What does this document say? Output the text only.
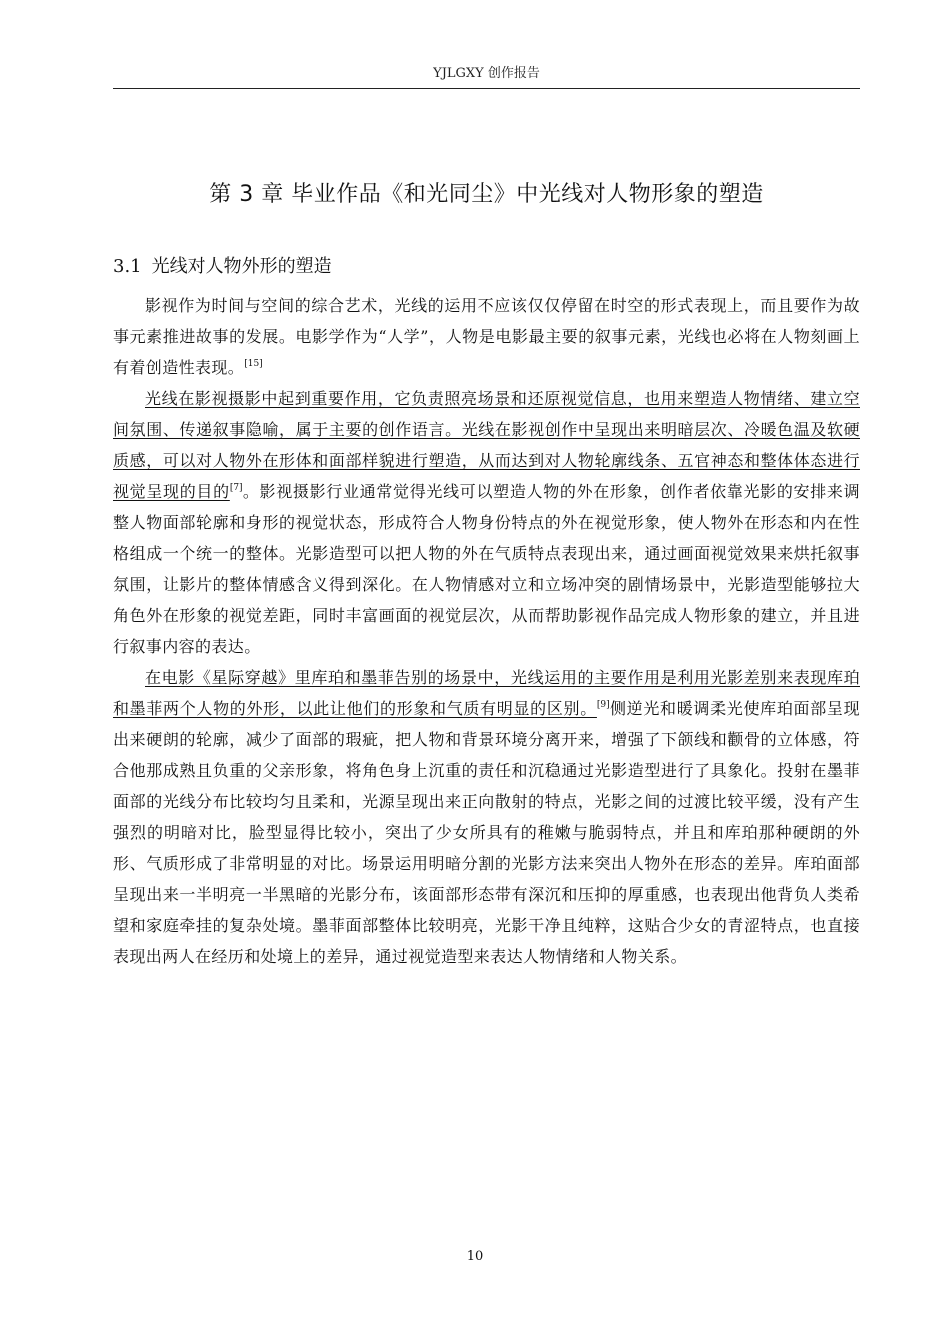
YJLGXY 创作报告
第 3 章 毕业作品《和光同尘》中光线对人物形象的塑造
3.1 光线对人物外形的塑造

影视作为时间与空间的综合艺术，光线的运用不应该仅仅停留在时空的形式表现上，而且要作为故事元素推进故事的发展。电影学作为“人学”，人物是电影最主要的叙事元素，光线也必将在人物刻画上有着创造性表现。[15]

光线在影视摄影中起到重要作用，它负责照亮场景和还原视觉信息，也用来塑造人物情绪、建立空间氛围、传递叙事隐喻，属于主要的创作语言。光线在影视创作中呈现出来明暗层次、冷暖色温及软硬质感，可以对人物外在形体和面部样貌进行塑造，从而达到对人物轮廓线条、五官神态和整体体态进行视觉呈现的目的[7]。影视摄影行业通常觉得光线可以塑造人物的外在形象，创作者依靠光影的安排来调整人物面部轮廓和身形的视觉状态，形成符合人物身份特点的外在视觉形象，使人物外在形态和内在性格组成一个统一的整体。光影造型可以把人物的外在气质特点表现出来，通过画面视觉效果来烘托叙事氛围，让影片的整体情感含义得到深化。在人物情感对立和立场冲突的剧情场景中，光影造型能够拉大角色外在形象的视觉差距，同时丰富画面的视觉层次，从而帮助影视作品完成人物形象的建立，并且进行叙事内容的表达。

在电影《星际穿越》里库珀和墨菲告别的场景中，光线运用的主要作用是利用光影差别来表现库珀和墨菲两个人物的外形，以此让他们的形象和气质有明显的区别。[9]侧逆光和暖调柔光使库珀面部呈现出来硬朗的轮廓，减少了面部的瑕疵，把人物和背景环境分离开来，增强了下颌线和颧骨的立体感，符合他那成熟且负重的父亲形象，将角色身上沉重的责任和沉稳通过光影造型进行了具象化。投射在墨菲面部的光线分布比较均匀且柔和，光源呈现出来正向散射的特点，光影之间的过渡比较平缓，没有产生强烈的明暗对比，脸型显得比较小，突出了少女所具有的稚嫩与脆弱特点，并且和库珀那种硬朗的外形、气质形成了非常明显的对比。场景运用明暗分割的光影方法来突出人物外在形态的差异。库珀面部呈现出来一半明亮一半黑暗的光影分布，该面部形态带有深沉和压抑的厚重感，也表现出他背负人类希望和家庭牵挂的复杂处境。墨菲面部整体比较明亮，光影干净且纯粹，这贴合少女的青涩特点，也直接表现出两人在经历和处境上的差异，通过视觉造型来表达人物情绪和人物关系。

10
